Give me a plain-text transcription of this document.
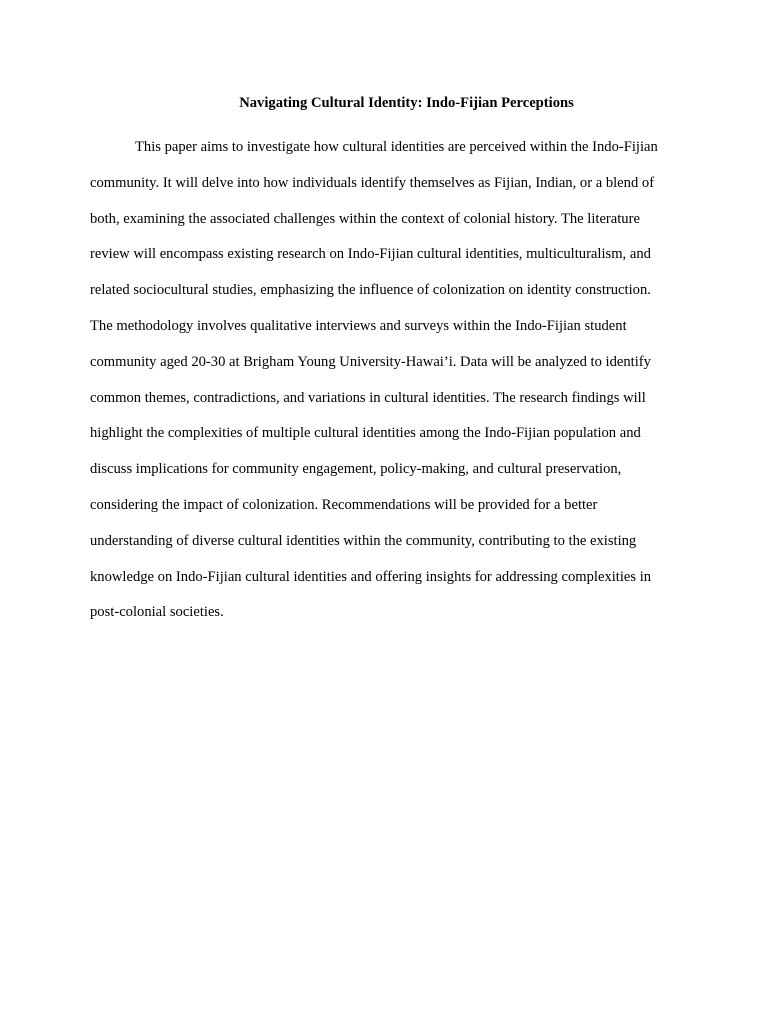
Navigating Cultural Identity: Indo-Fijian Perceptions
This paper aims to investigate how cultural identities are perceived within the Indo-Fijian
community. It will delve into how individuals identify themselves as Fijian, Indian, or a blend of
both, examining the associated challenges within the context of colonial history. The literature
review will encompass existing research on Indo-Fijian cultural identities, multiculturalism, and
related sociocultural studies, emphasizing the influence of colonization on identity construction.
The methodology involves qualitative interviews and surveys within the Indo-Fijian student
community aged 20-30 at Brigham Young University-Hawai’i. Data will be analyzed to identify
common themes, contradictions, and variations in cultural identities. The research findings will
highlight the complexities of multiple cultural identities among the Indo-Fijian population and
discuss implications for community engagement, policy-making, and cultural preservation,
considering the impact of colonization. Recommendations will be provided for a better
understanding of diverse cultural identities within the community, contributing to the existing
knowledge on Indo-Fijian cultural identities and offering insights for addressing complexities in
post-colonial societies.
